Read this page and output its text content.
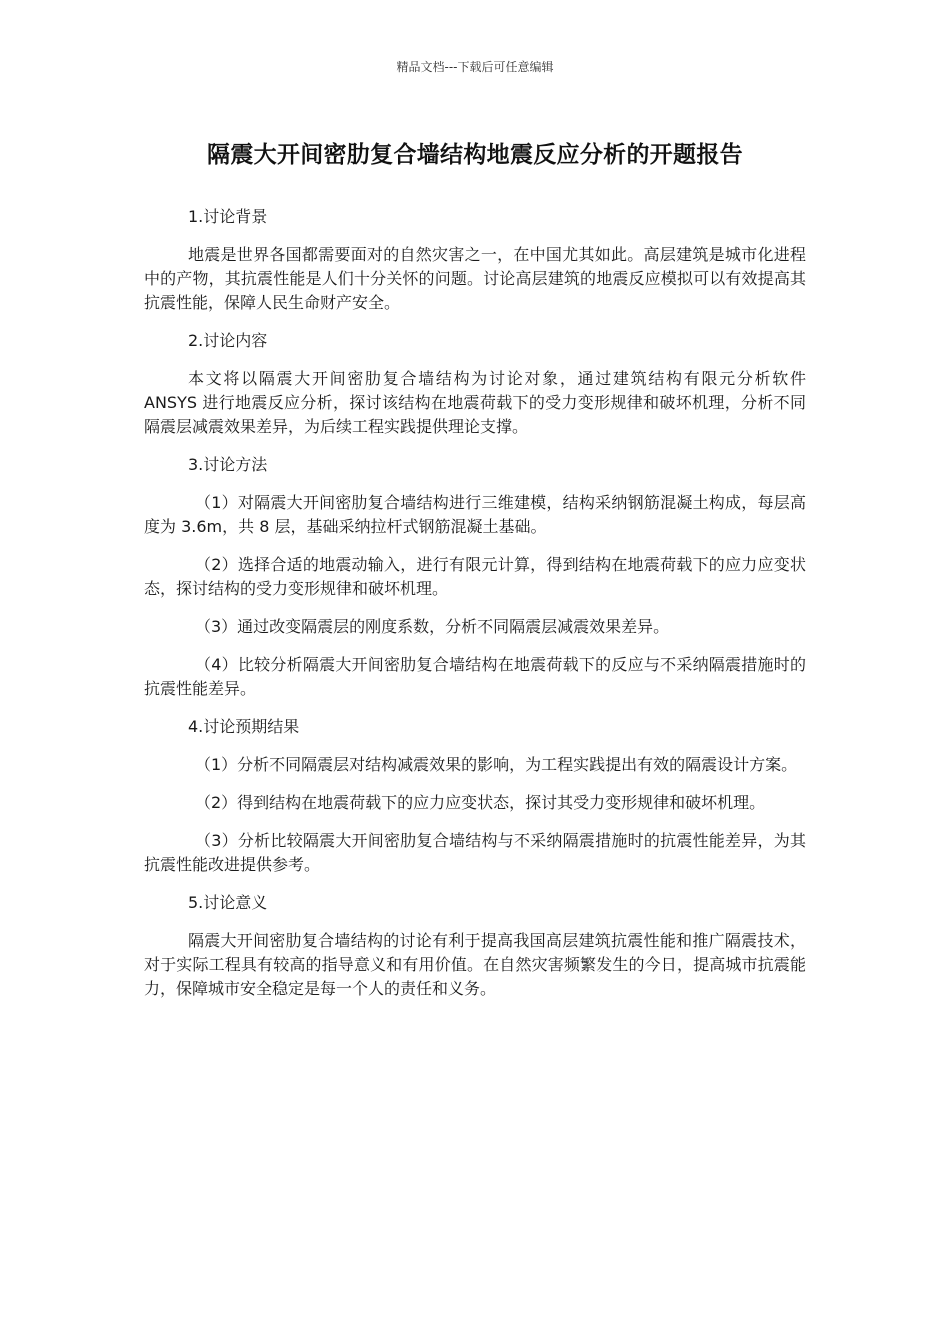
精品文档---下载后可任意编辑
隔震大开间密肋复合墙结构地震反应分析的开题报告

1.讨论背景

地震是世界各国都需要面对的自然灾害之一，在中国尤其如此。高层建筑是城市化进程中的产物，其抗震性能是人们十分关怀的问题。讨论高层建筑的地震反应模拟可以有效提高其抗震性能，保障人民生命财产安全。

2.讨论内容

本文将以隔震大开间密肋复合墙结构为讨论对象，通过建筑结构有限元分析软件 ANSYS 进行地震反应分析，探讨该结构在地震荷载下的受力变形规律和破坏机理，分析不同隔震层减震效果差异，为后续工程实践提供理论支撑。

3.讨论方法

（1）对隔震大开间密肋复合墙结构进行三维建模，结构采纳钢筋混凝土构成，每层高度为 3.6m，共 8 层，基础采纳拉杆式钢筋混凝土基础。

（2）选择合适的地震动输入，进行有限元计算，得到结构在地震荷载下的应力应变状态，探讨结构的受力变形规律和破坏机理。

（3）通过改变隔震层的刚度系数，分析不同隔震层减震效果差异。

（4）比较分析隔震大开间密肋复合墙结构在地震荷载下的反应与不采纳隔震措施时的抗震性能差异。

4.讨论预期结果

（1）分析不同隔震层对结构减震效果的影响，为工程实践提出有效的隔震设计方案。

（2）得到结构在地震荷载下的应力应变状态，探讨其受力变形规律和破坏机理。

（3）分析比较隔震大开间密肋复合墙结构与不采纳隔震措施时的抗震性能差异，为其抗震性能改进提供参考。

5.讨论意义

隔震大开间密肋复合墙结构的讨论有利于提高我国高层建筑抗震性能和推广隔震技术，对于实际工程具有较高的指导意义和有用价值。在自然灾害频繁发生的今日，提高城市抗震能力，保障城市安全稳定是每一个人的责任和义务。
